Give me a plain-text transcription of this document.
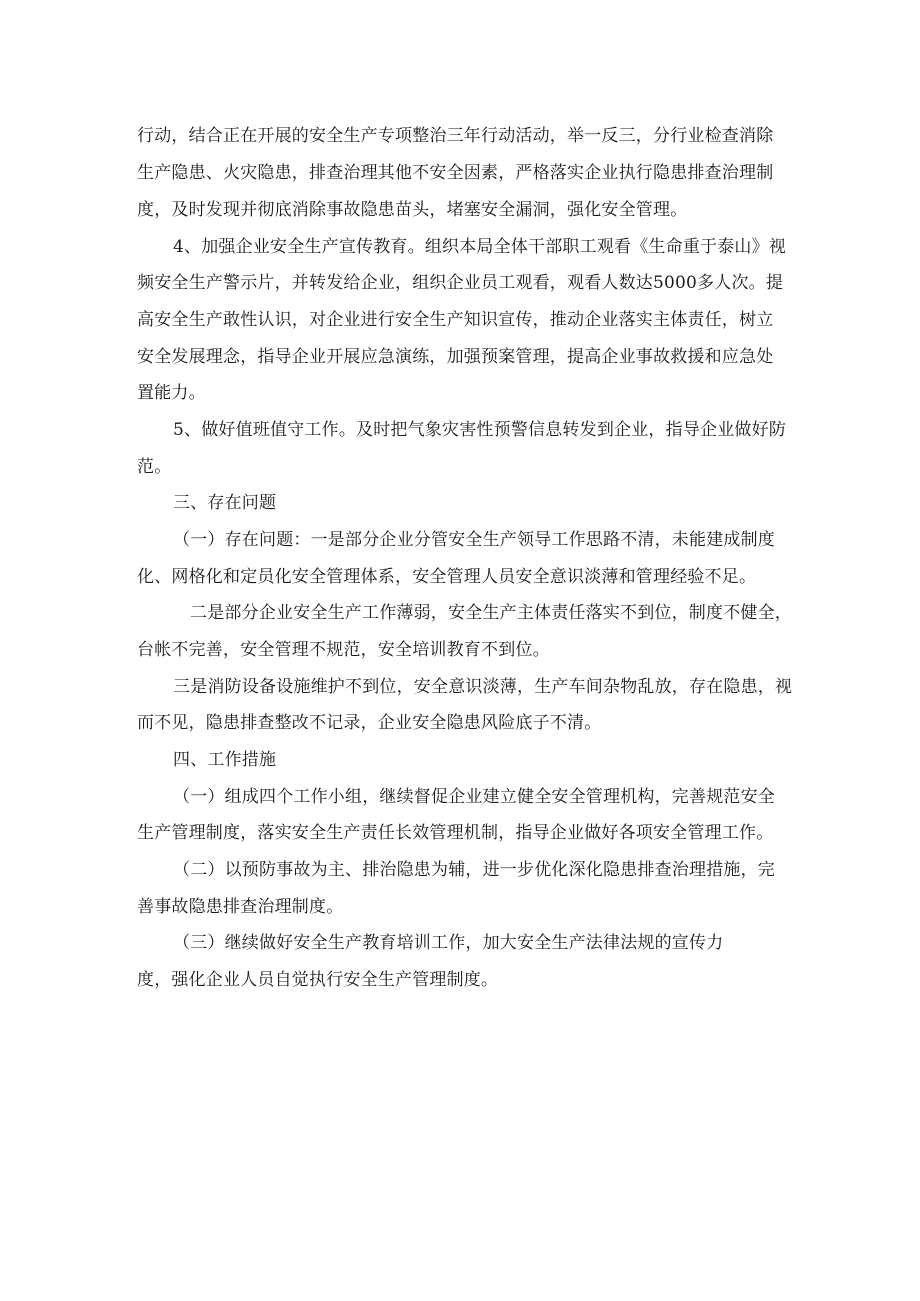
行动，结合正在开展的安全生产专项整治三年行动活动，举一反三，分行业检查消除
生产隐患、火灾隐患，排查治理其他不安全因素，严格落实企业执行隐患排查治理制
度，及时发现并彻底消除事故隐患苗头，堵塞安全漏洞，强化安全管理。
4、加强企业安全生产宣传教育。组织本局全体干部职工观看《生命重于泰山》视
频安全生产警示片，并转发给企业，组织企业员工观看，观看人数达5000多人次。提
高安全生产敢性认识，对企业进行安全生产知识宣传，推动企业落实主体责任，树立
安全发展理念，指导企业开展应急演练，加强预案管理，提高企业事故救援和应急处
置能力。
5、做好值班值守工作。及时把气象灾害性预警信息转发到企业，指导企业做好防
范。
三、存在问题
（一）存在问题：一是部分企业分管安全生产领导工作思路不清，未能建成制度
化、网格化和定员化安全管理体系，安全管理人员安全意识淡薄和管理经验不足。
二是部分企业安全生产工作薄弱，安全生产主体责任落实不到位，制度不健全，
台帐不完善，安全管理不规范，安全培训教育不到位。
三是消防设备设施维护不到位，安全意识淡薄，生产车间杂物乱放，存在隐患，视
而不见，隐患排查整改不记录，企业安全隐患风险底子不清。
四、工作措施
（一）组成四个工作小组，继续督促企业建立健全安全管理机构，完善规范安全
生产管理制度，落实安全生产责任长效管理机制，指导企业做好各项安全管理工作。
（二）以预防事故为主、排治隐患为辅，进一步优化深化隐患排查治理措施，完
善事故隐患排查治理制度。
（三）继续做好安全生产教育培训工作，加大安全生产法律法规的宣传力
度，强化企业人员自觉执行安全生产管理制度。
